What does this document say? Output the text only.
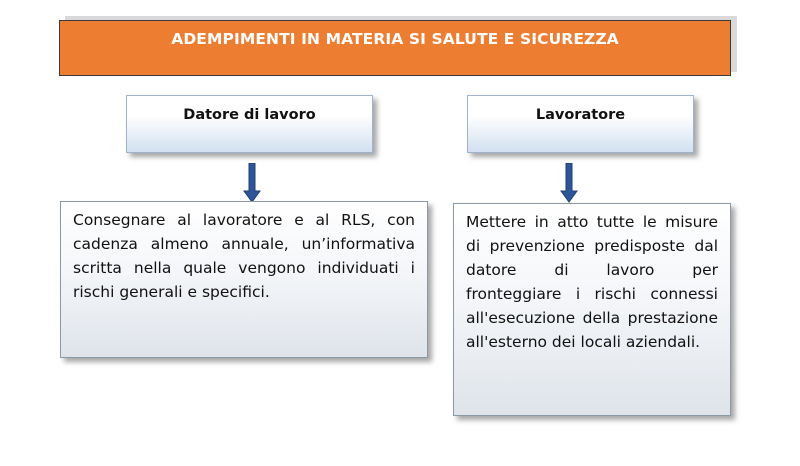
ADEMPIMENTI IN MATERIA SI SALUTE E SICUREZZA
Datore di lavoro	Lavoratore
Consegnare al lavoratore e al RLS, con cadenza almeno annuale, un’informativa scritta nella quale vengono individuati i rischi generali e specifici.
Mettere in atto tutte le misure di prevenzione predisposte dal datore di lavoro per fronteggiare i rischi connessi all'esecuzione della prestazione all'esterno dei locali aziendali.
